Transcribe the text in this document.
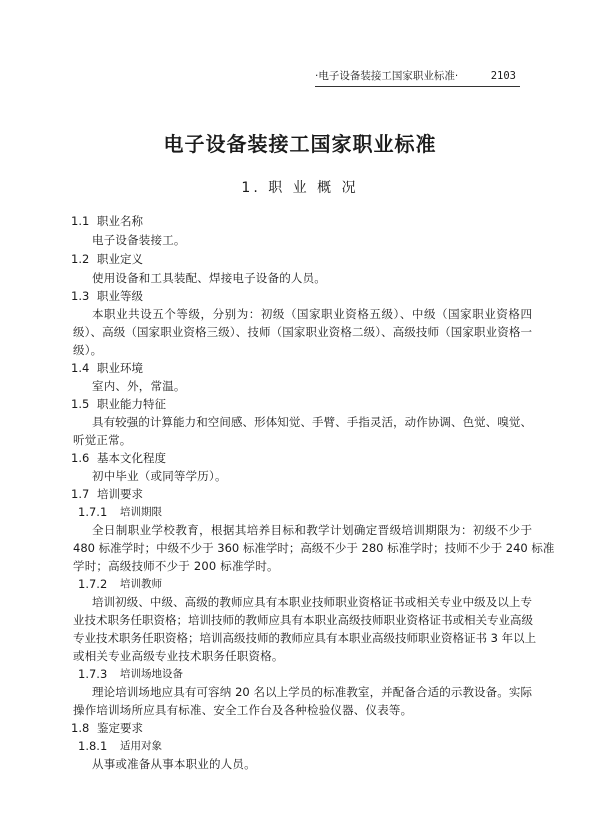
·电子设备装接工国家职业标准·	2103
电子设备装接工国家职业标准
1. 职 业 概 况
1.1 职业名称
电子设备装接工。
1.2 职业定义
使用设备和工具装配、焊接电子设备的人员。
1.3 职业等级
本职业共设五个等级，分别为：初级（国家职业资格五级）、中级（国家职业资格四
级）、高级（国家职业资格三级）、技师（国家职业资格二级）、高级技师（国家职业资格一
级）。
1.4 职业环境
室内、外，常温。
1.5 职业能力特征
具有较强的计算能力和空间感、形体知觉、手臂、手指灵活，动作协调、色觉、嗅觉、
听觉正常。
1.6 基本文化程度
初中毕业（或同等学历）。
1.7 培训要求
1.7.1 培训期限
全日制职业学校教育，根据其培养目标和教学计划确定晋级培训期限为：初级不少于
480 标准学时；中级不少于 360 标准学时；高级不少于 280 标准学时；技师不少于 240 标准
学时；高级技师不少于 200 标准学时。
1.7.2 培训教师
培训初级、中级、高级的教师应具有本职业技师职业资格证书或相关专业中级及以上专
业技术职务任职资格；培训技师的教师应具有本职业高级技师职业资格证书或相关专业高级
专业技术职务任职资格；培训高级技师的教师应具有本职业高级技师职业资格证书 3 年以上
或相关专业高级专业技术职务任职资格。
1.7.3 培训场地设备
理论培训场地应具有可容纳 20 名以上学员的标准教室，并配备合适的示教设备。实际
操作培训场所应具有标准、安全工作台及各种检验仪器、仪表等。
1.8 鉴定要求
1.8.1 适用对象
从事或准备从事本职业的人员。
